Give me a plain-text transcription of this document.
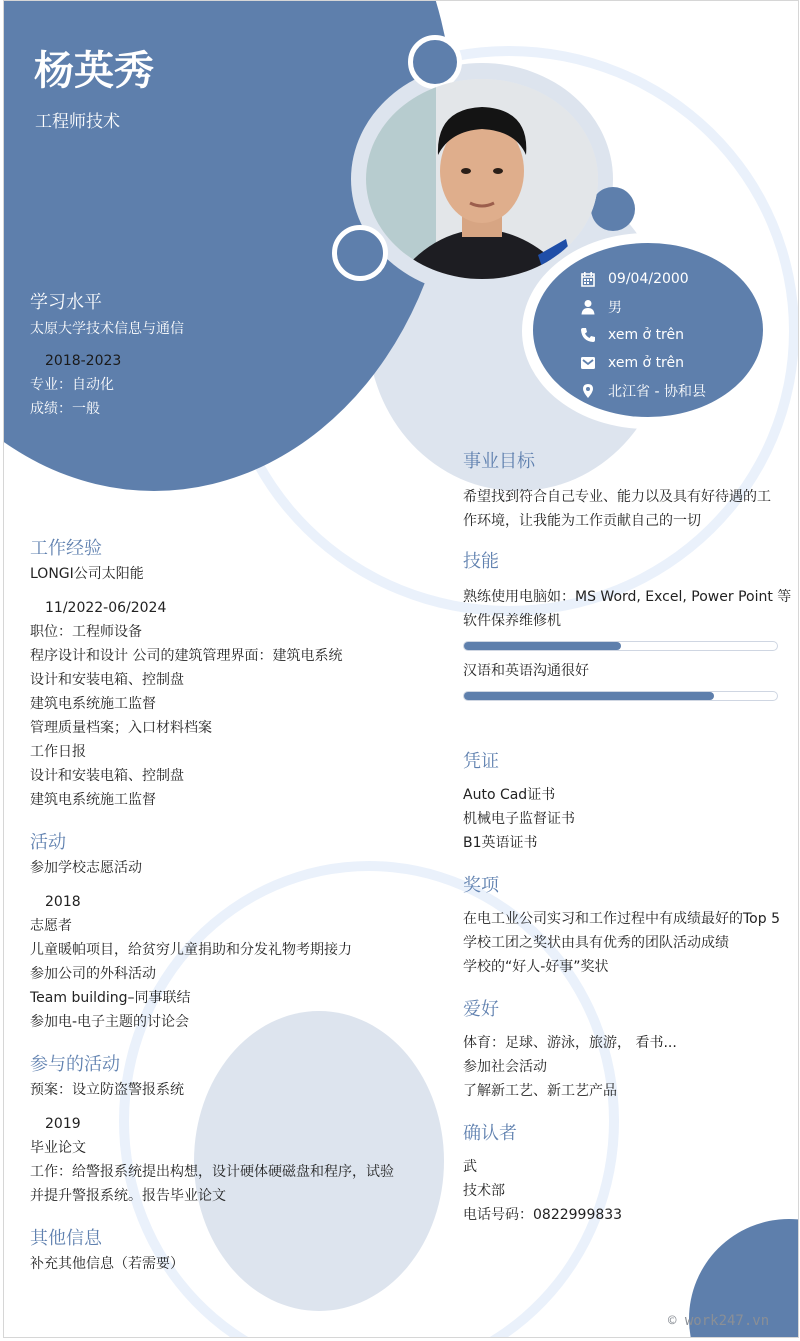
09/04/2000
男
xem ở trên
xem ở trên
北江省 - 协和县
杨英秀
工程师技术
学习水平
太原大学技术信息与通信
2018-2023
专业：自动化
成绩：一般
事业目标
希望找到符合自己专业、能力以及具有好待遇的工
作环境，让我能为工作贡献自己的一切
技能
熟练使用电脑如：MS Word, Excel, Power Point 等
软件保养维修机
汉语和英语沟通很好
凭证
Auto Cad证书
机械电子监督证书
B1英语证书
奖项
在电工业公司实习和工作过程中有成绩最好的Top 5
学校工团之奖状由具有优秀的团队活动成绩
学校的“好人-好事”奖状
爱好
体育：足球、游泳，旅游， 看书...
参加社会活动
了解新工艺、新工艺产品
确认者
武
技术部
电话号码：0822999833
工作经验
LONGI公司太阳能
11/2022-06/2024
职位：工程师设备
程序设计和设计 公司的建筑管理界面：建筑电系统
设计和安装电箱、控制盘
建筑电系统施工监督
管理质量档案；入口材料档案
工作日报
设计和安装电箱、控制盘
建筑电系统施工监督
活动
参加学校志愿活动
2018
志愿者
儿童暖帕项目，给贫穷儿童捐助和分发礼物考期接力
参加公司的外科活动
Team building–同事联结
参加电-电子主题的讨论会
参与的活动
预案：设立防盗警报系统
2019
毕业论文
工作：给警报系统提出构想，设计硬体硬磁盘和程序，试验
并提升警报系统。报告毕业论文
其他信息
补充其他信息（若需要）
© work247.vn
